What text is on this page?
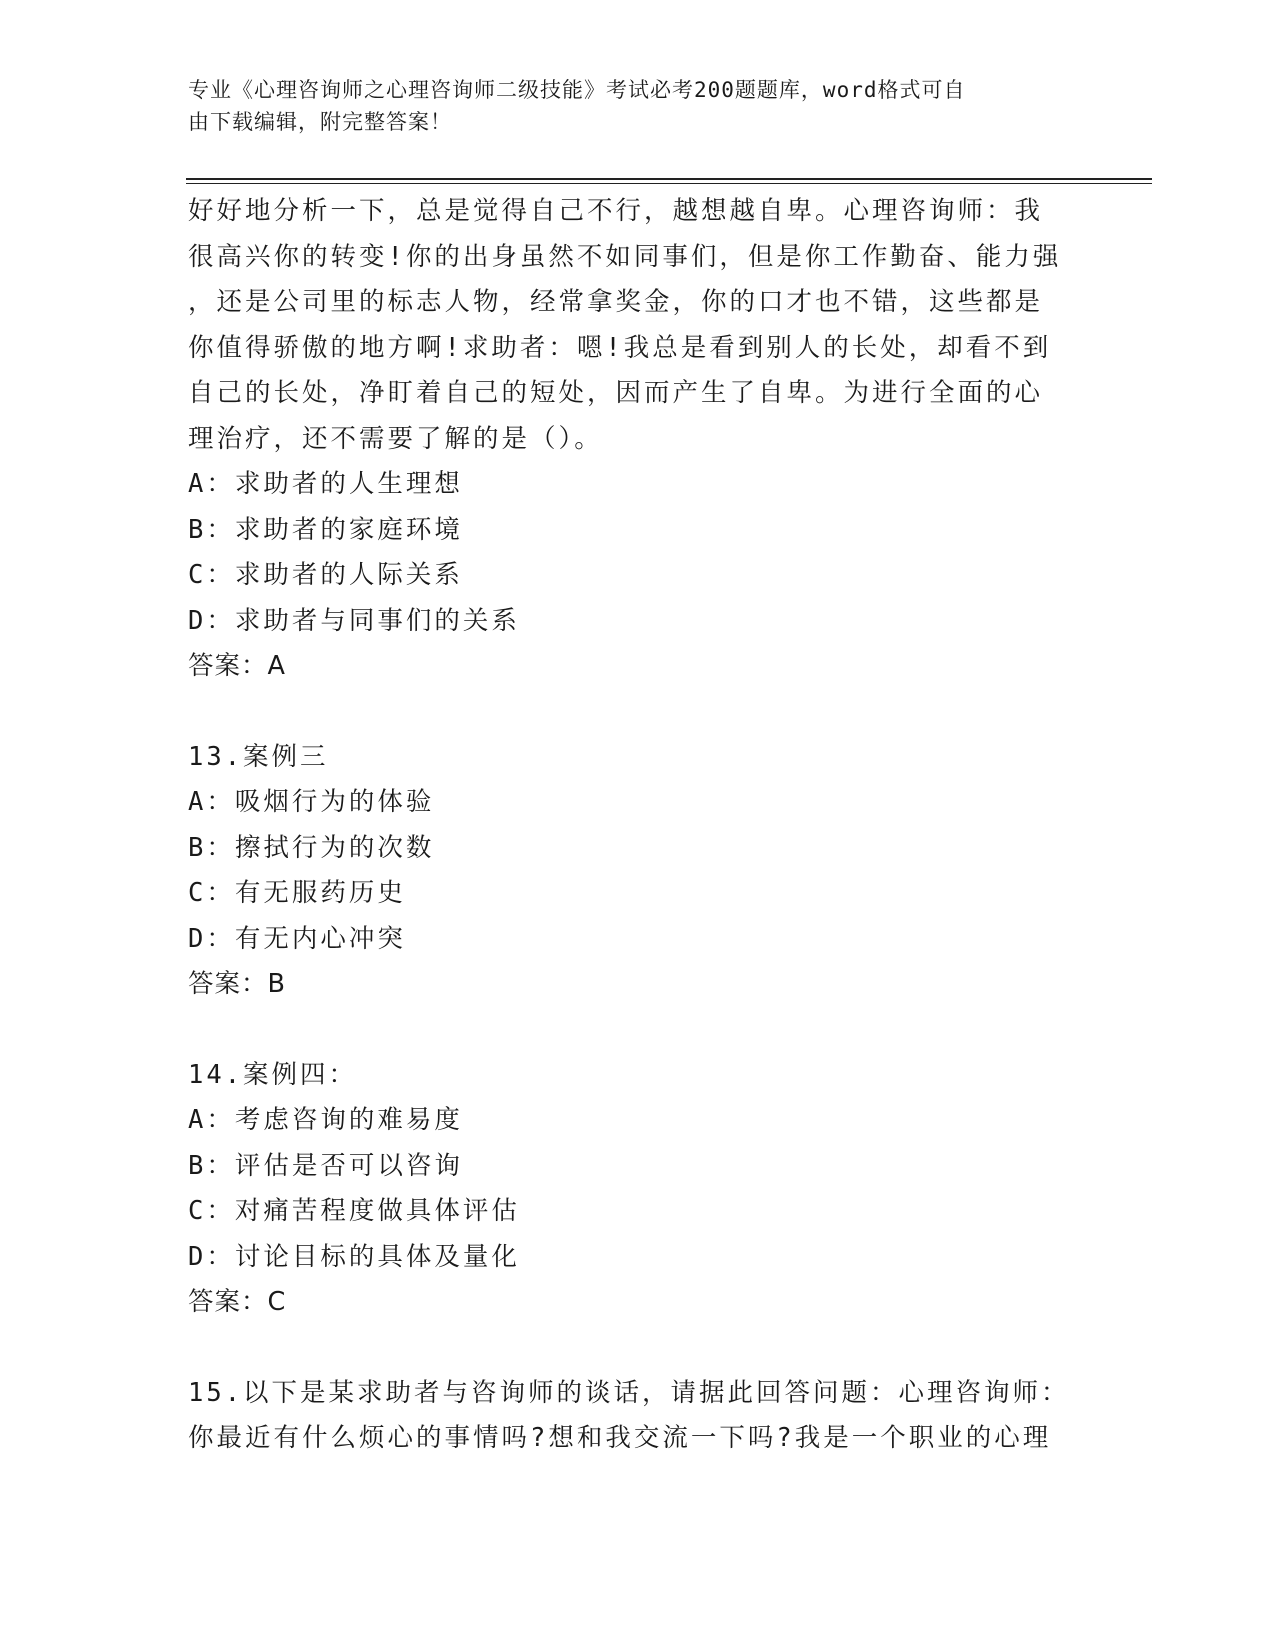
专业《心理咨询师之心理咨询师二级技能》考试必考200题题库，word格式可自
由下载编辑，附完整答案！
好好地分析一下，总是觉得自己不行，越想越自卑。心理咨询师：我
很高兴你的转变!你的出身虽然不如同事们，但是你工作勤奋、能力强
，还是公司里的标志人物，经常拿奖金，你的口才也不错，这些都是
你值得骄傲的地方啊!求助者：嗯!我总是看到别人的长处，却看不到
自己的长处，净盯着自己的短处，因而产生了自卑。为进行全面的心
理治疗，还不需要了解的是（）。
A：求助者的人生理想
B：求助者的家庭环境
C：求助者的人际关系
D：求助者与同事们的关系
答案：A
13.案例三
A：吸烟行为的体验
B：擦拭行为的次数
C：有无服药历史
D：有无内心冲突
答案：B
14.案例四：
A：考虑咨询的难易度
B：评估是否可以咨询
C：对痛苦程度做具体评估
D：讨论目标的具体及量化
答案：C
15.以下是某求助者与咨询师的谈话，请据此回答问题：心理咨询师：
你最近有什么烦心的事情吗?想和我交流一下吗?我是一个职业的心理
